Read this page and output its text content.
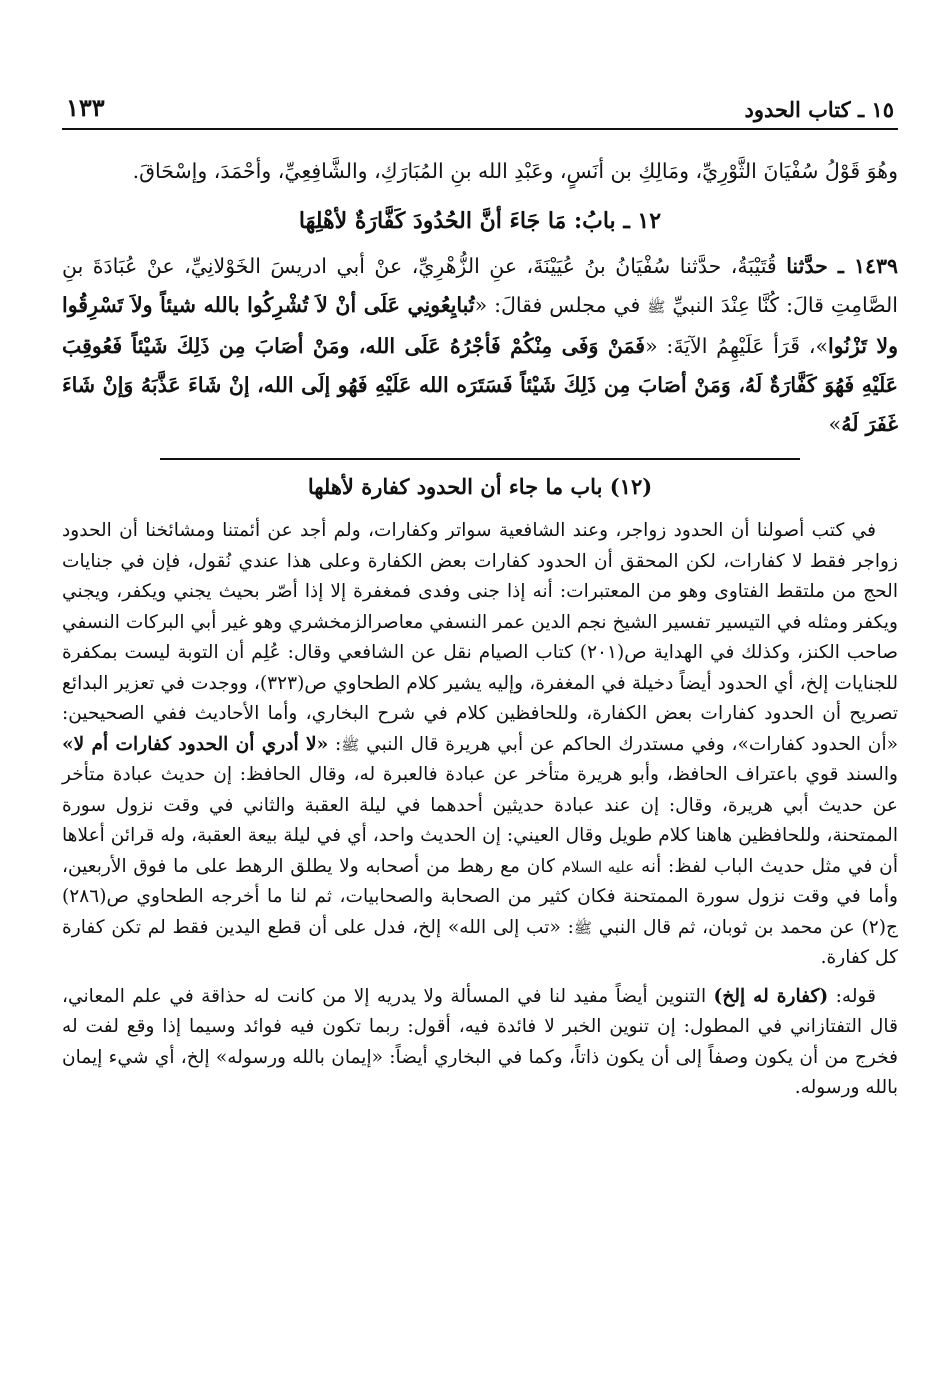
١٥ ـ كتاب الحدود
١٣٣

وهُوَ قَوْلُ سُفْيَانَ الثَّوْرِيِّ، ومَالِكِ بن أنَسٍ، وعَبْدِ الله بنِ المُبَارَكِ، والشَّافِعِيِّ، وأحْمَدَ، وإسْحَاقَ.

١٢ ـ بابُ: مَا جَاءَ أنَّ الحُدُودَ كَفَّارَةٌ لأهْلِهَا

١٤٣٩ ـ حدَّثنا قُتَيْبَةُ، حدَّثنا سُفْيَانُ بنُ عُيَيْنَةَ، عنِ الزُّهْرِيِّ، عنْ أبي ادريسَ الخَوْلانِيِّ، عنْ عُبَادَةَ بنِ الصَّامِتِ قالَ: كُنَّا عِنْدَ النبيِّ ﷺ في مجلس فقالَ: «تُبايِعُونِي عَلَى أنْ لاَ تُشْرِكُوا بالله شيئاً ولاَ تَسْرِقُوا ولا تَزْنُوا»، قَرَأ عَلَيْهِمُ الآيَةَ: «فَمَنْ وَفَى مِنْكُمْ فَأجْرُهُ عَلَى الله، ومَنْ أصَابَ مِن ذَلِكَ شَيْئاً فَعُوقِبَ عَلَيْهِ فَهُوَ كَفَّارَةٌ لَهُ، وَمَنْ أصَابَ مِن ذَلِكَ شَيْئاً فَسَتَرَه الله عَلَيْهِ فَهُو إلَى الله، إنْ شَاءَ عَذَّبَهُ وَإنْ شَاءَ غَفَرَ لَهُ»

(١٢) باب ما جاء أن الحدود كفارة لأهلها

في كتب أصولنا أن الحدود زواجر، وعند الشافعية سواتر وكفارات، ولم أجد عن أئمتنا ومشائخنا أن الحدود زواجر فقط لا كفارات، لكن المحقق أن الحدود كفارات بعض الكفارة وعلى هذا عندي نُقول، فإن في جنايات الحج من ملتقط الفتاوى وهو من المعتبرات: أنه إذا جنى وفدى فمغفرة إلا إذا أصّر بحيث يجني ويكفر، ويجني ويكفر ومثله في التيسير تفسير الشيخ نجم الدين عمر النسفي معاصرالزمخشري وهو غير أبي البركات النسفي صاحب الكنز، وكذلك في الهداية ص(٢٠١) كتاب الصيام نقل عن الشافعي وقال: عُلِم أن التوبة ليست بمكفرة للجنايات إلخ، أي الحدود أيضاً دخيلة في المغفرة، وإليه يشير كلام الطحاوي ص(٣٢٣)، ووجدت في تعزير البدائع تصريح أن الحدود كفارات بعض الكفارة، وللحافظين كلام في شرح البخاري، وأما الأحاديث ففي الصحيحين: «أن الحدود كفارات»، وفي مستدرك الحاكم عن أبي هريرة قال النبي ﷺ: «لا أدري أن الحدود كفارات أم لا» والسند قوي باعتراف الحافظ، وأبو هريرة متأخر عن عبادة فالعبرة له، وقال الحافظ: إن حديث عبادة متأخر عن حديث أبي هريرة، وقال: إن عند عبادة حديثين أحدهما في ليلة العقبة والثاني في وقت نزول سورة الممتحنة، وللحافظين هاهنا كلام طويل وقال العيني: إن الحديث واحد، أي في ليلة بيعة العقبة، وله قرائن أعلاها أن في مثل حديث الباب لفظ: أنه عليه السلام كان مع رهط من أصحابه ولا يطلق الرهط على ما فوق الأربعين، وأما في وقت نزول سورة الممتحنة فكان كثير من الصحابة والصحابيات، ثم لنا ما أخرجه الطحاوي ص(٢٨٦) ج(٢) عن محمد بن ثوبان، ثم قال النبي ﷺ: «تب إلى الله» إلخ، فدل على أن قطع اليدين فقط لم تكن كفارة كل كفارة.

قوله: (كفارة له إلخ) التنوين أيضاً مفيد لنا في المسألة ولا يدريه إلا من كانت له حذاقة في علم المعاني، قال التفتازاني في المطول: إن تنوين الخبر لا فائدة فيه، أقول: ربما تكون فيه فوائد وسيما إذا وقع لفت له فخرج من أن يكون وصفاً إلى أن يكون ذاتاً، وكما في البخاري أيضاً: «إيمان بالله ورسوله» إلخ، أي شيء إيمان بالله ورسوله.
